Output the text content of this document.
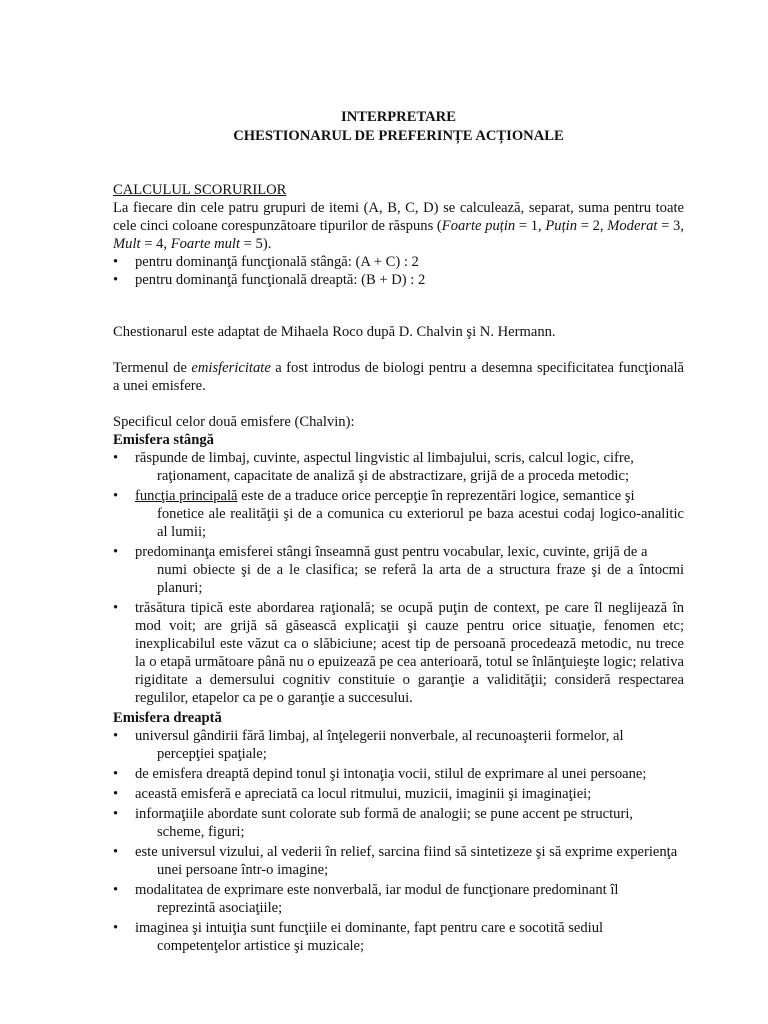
INTERPRETARE

CHESTIONARUL DE PREFERINȚE ACȚIONALE

CALCULUL SCORURILOR

La fiecare din cele patru grupuri de itemi (A, B, C, D) se calculează, separat, suma pentru toate cele cinci coloane corespunzătoare tipurilor de răspuns (Foarte puțin = 1, Puțin = 2, Moderat = 3, Mult = 4, Foarte mult = 5).

• pentru dominanţă funcţională stângă: (A + C) : 2
• pentru dominanţă funcţională dreaptă: (B + D) : 2

Chestionarul este adaptat de Mihaela Roco după D. Chalvin şi N. Hermann.

Termenul de emisfericitate a fost introdus de biologi pentru a desemna specificitatea funcţională a unei emisfere.

Specificul celor două emisfere (Chalvin):

Emisfera stângă

• răspunde de limbaj, cuvinte, aspectul lingvistic al limbajului, scris, calcul logic, cifre,
raţionament, capacitate de analiză şi de abstractizare, grijă de a proceda metodic;
• funcţia principală este de a traduce orice percepţie în reprezentări logice, semantice şi
fonetice ale realităţii şi de a comunica cu exteriorul pe baza acestui codaj logico-analitic al lumii;
• predominanţa emisferei stângi înseamnă gust pentru vocabular, lexic, cuvinte, grijă de a
numi obiecte şi de a le clasifica; se referă la arta de a structura fraze şi de a întocmi planuri;
• trăsătura tipică este abordarea raţională; se ocupă puţin de context, pe care îl neglijează în mod voit; are grijă să găsească explicaţii şi cauze pentru orice situaţie, fenomen etc; inexplicabilul este văzut ca o slăbiciune; acest tip de persoană procedează metodic, nu trece la o etapă următoare până nu o epuizează pe cea anterioară, totul se înlănţuieşte logic; relativa rigiditate a demersului cognitiv constituie o garanţie a validităţii; consideră respectarea regulilor, etapelor ca pe o garanţie a succesului.

Emisfera dreaptă

• universul gândirii fără limbaj, al înţelegerii nonverbale, al recunoaşterii formelor, al
percepţiei spaţiale;
• de emisfera dreaptă depind tonul şi intonaţia vocii, stilul de exprimare al unei persoane;
• această emisferă e apreciată ca locul ritmului, muzicii, imaginii şi imaginaţiei;
• informaţiile abordate sunt colorate sub formă de analogii; se pune accent pe structuri,
scheme, figuri;
• este universul vizului, al vederii în relief, sarcina fiind să sintetizeze şi să exprime experienţa
unei persoane într-o imagine;
• modalitatea de exprimare este nonverbală, iar modul de funcţionare predominant îl
reprezintă asociaţiile;
• imaginea şi intuiţia sunt funcţiile ei dominante, fapt pentru care e socotită sediul
competenţelor artistice şi muzicale;
